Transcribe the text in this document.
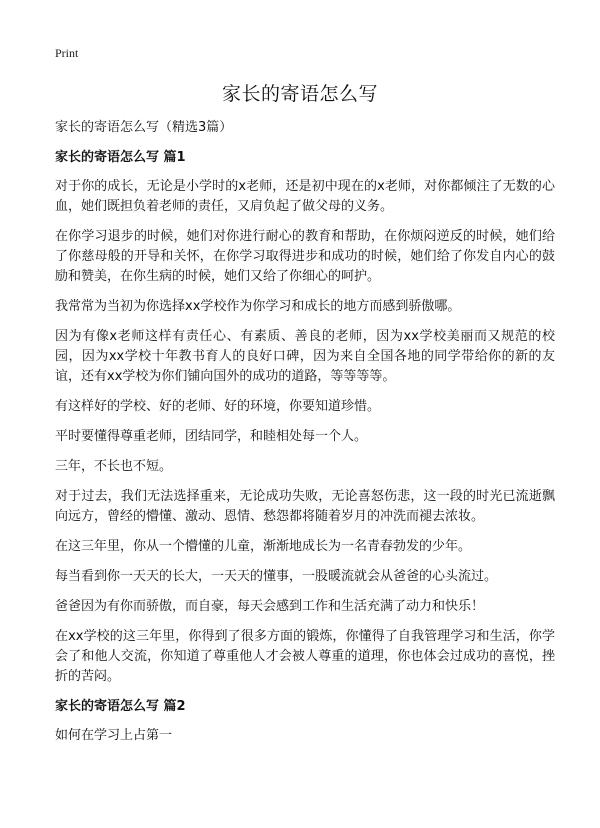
Print
家长的寄语怎么写
家长的寄语怎么写（精选3篇）
家长的寄语怎么写 篇1

对于你的成长，无论是小学时的x老师，还是初中现在的x老师，对你都倾注了无数的心血，她们既担负着老师的责任，又肩负起了做父母的义务。

在你学习退步的时候，她们对你进行耐心的教育和帮助，在你烦闷逆反的时候，她们给了你慈母般的开导和关怀，在你学习取得进步和成功的时候，她们给了你发自内心的鼓励和赞美，在你生病的时候，她们又给了你细心的呵护。

我常常为当初为你选择xx学校作为你学习和成长的地方而感到骄傲哪。

因为有像x老师这样有责任心、有素质、善良的老师，因为xx学校美丽而又规范的校园，因为xx学校十年教书育人的良好口碑，因为来自全国各地的同学带给你的新的友谊，还有xx学校为你们铺向国外的成功的道路，等等等等。

有这样好的学校、好的老师、好的环境，你要知道珍惜。

平时要懂得尊重老师，团结同学，和睦相处每一个人。

三年，不长也不短。

对于过去，我们无法选择重来，无论成功失败，无论喜怒伤悲，这一段的时光已流逝飘向远方，曾经的懵懂、激动、恩情、愁怨都将随着岁月的冲洗而褪去浓妆。

在这三年里，你从一个懵懂的儿童，渐渐地成长为一名青春勃发的少年。

每当看到你一天天的长大，一天天的懂事，一股暖流就会从爸爸的心头流过。

爸爸因为有你而骄傲，而自豪，每天会感到工作和生活充满了动力和快乐！

在xx学校的这三年里，你得到了很多方面的锻炼，你懂得了自我管理学习和生活，你学会了和他人交流，你知道了尊重他人才会被人尊重的道理，你也体会过成功的喜悦，挫折的苦闷。

家长的寄语怎么写 篇2

如何在学习上占第一
